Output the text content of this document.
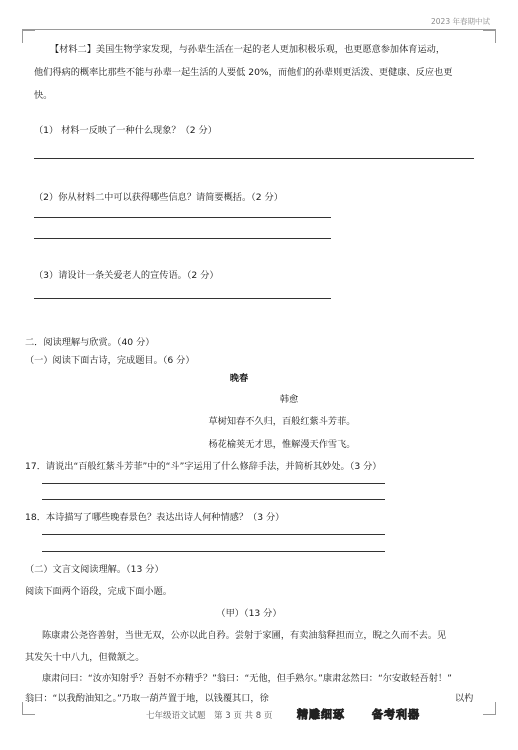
2023 年春期中试
【材料二】美国生物学家发现，与孙辈生活在一起的老人更加积极乐观，也更愿意参加体育运动，
他们得病的概率比那些不能与孙辈一起生活的人要低 20%，而他们的孙辈则更活泼、更健康、反应也更
快。
（1） 材料一反映了一种什么现象？（2 分）
（2）你从材料二中可以获得哪些信息？请简要概括。（2 分）
（3）请设计一条关爱老人的宣传语。（2 分）
二．阅读理解与欣赏。（40 分）
（一）阅读下面古诗，完成题目。（6 分）
晚春
韩愈
草树知春不久归，百般红紫斗芳菲。
杨花榆荚无才思，惟解漫天作雪飞。
17．请说出“百般红紫斗芳菲”中的“斗”字运用了什么修辞手法，并简析其妙处。（3 分）
18．本诗描写了哪些晚春景色？表达出诗人何种情感？（3 分）
（二）文言文阅读理解。（13 分）
阅读下面两个语段，完成下面小题。
（甲）（13 分）
陈康肃公尧咨善射，当世无双，公亦以此自矜。尝射于家圃，有卖油翁释担而立，睨之久而不去。见
其发矢十中八九，但微颔之。
康肃问曰：“汝亦知射乎？吾射不亦精乎？”翁曰：“无他，但手熟尔。”康肃忿然曰：“尔安敢轻吾射！”
翁曰：“以我酌油知之。”乃取一葫芦置于地，以钱覆其口，徐	以杓
七年级语文试题　第 3 页 共 8 页 精雕细琢 备考利器
